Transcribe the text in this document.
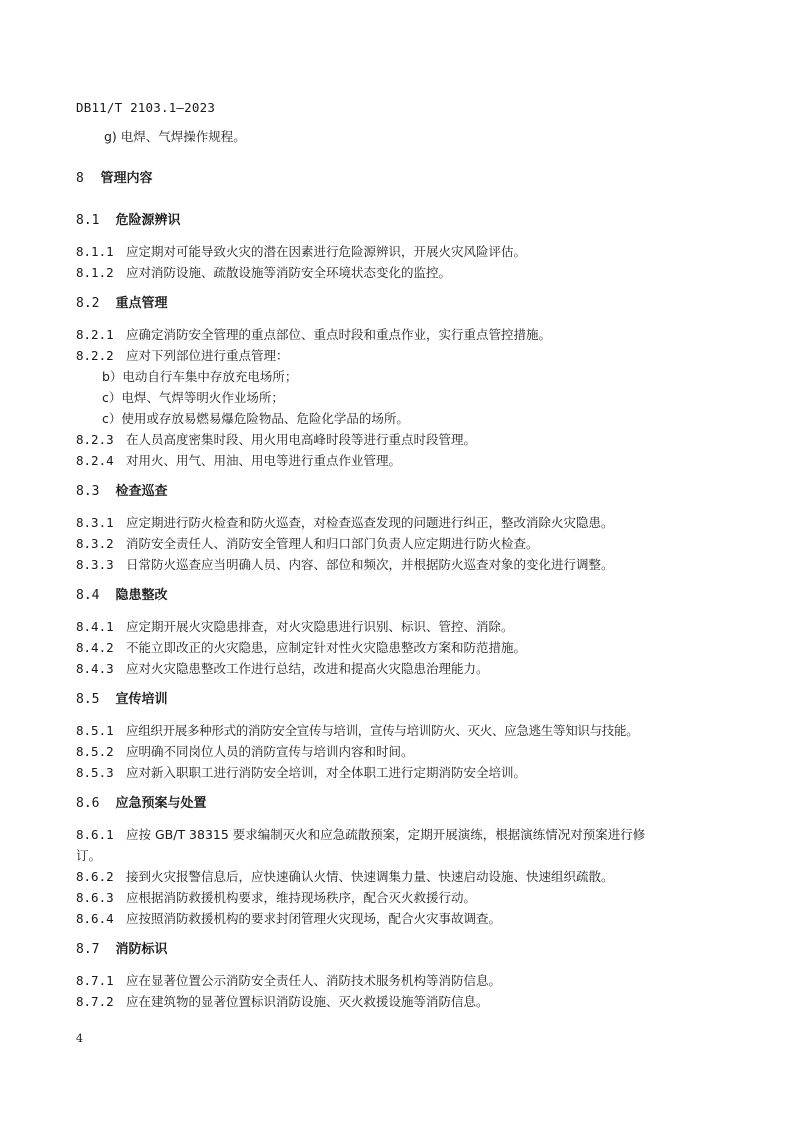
DB11/T 2103.1—2023
g) 电焊、气焊操作规程。
8 管理内容
8.1 危险源辨识
8.1.1 应定期对可能导致火灾的潜在因素进行危险源辨识，开展火灾风险评估。
8.1.2 应对消防设施、疏散设施等消防安全环境状态变化的监控。
8.2 重点管理
8.2.1 应确定消防安全管理的重点部位、重点时段和重点作业，实行重点管控措施。
8.2.2 应对下列部位进行重点管理：
b）电动自行车集中存放充电场所；
c）电焊、气焊等明火作业场所；
c）使用或存放易燃易爆危险物品、危险化学品的场所。
8.2.3 在人员高度密集时段、用火用电高峰时段等进行重点时段管理。
8.2.4 对用火、用气、用油、用电等进行重点作业管理。
8.3 检查巡查
8.3.1 应定期进行防火检查和防火巡查，对检查巡查发现的问题进行纠正，整改消除火灾隐患。
8.3.2 消防安全责任人、消防安全管理人和归口部门负责人应定期进行防火检查。
8.3.3 日常防火巡查应当明确人员、内容、部位和频次，并根据防火巡查对象的变化进行调整。
8.4 隐患整改
8.4.1 应定期开展火灾隐患排查，对火灾隐患进行识别、标识、管控、消除。
8.4.2 不能立即改正的火灾隐患，应制定针对性火灾隐患整改方案和防范措施。
8.4.3 应对火灾隐患整改工作进行总结，改进和提高火灾隐患治理能力。
8.5 宣传培训
8.5.1 应组织开展多种形式的消防安全宣传与培训，宣传与培训防火、灭火、应急逃生等知识与技能。
8.5.2 应明确不同岗位人员的消防宣传与培训内容和时间。
8.5.3 应对新入职职工进行消防安全培训，对全体职工进行定期消防安全培训。
8.6 应急预案与处置
8.6.1 应按 GB/T 38315 要求编制灭火和应急疏散预案，定期开展演练，根据演练情况对预案进行修
订。
8.6.2 接到火灾报警信息后，应快速确认火情、快速调集力量、快速启动设施、快速组织疏散。
8.6.3 应根据消防救援机构要求，维持现场秩序，配合灭火救援行动。
8.6.4 应按照消防救援机构的要求封闭管理火灾现场，配合火灾事故调查。
8.7 消防标识
8.7.1 应在显著位置公示消防安全责任人、消防技术服务机构等消防信息。
8.7.2 应在建筑物的显著位置标识消防设施、灭火救援设施等消防信息。
4
